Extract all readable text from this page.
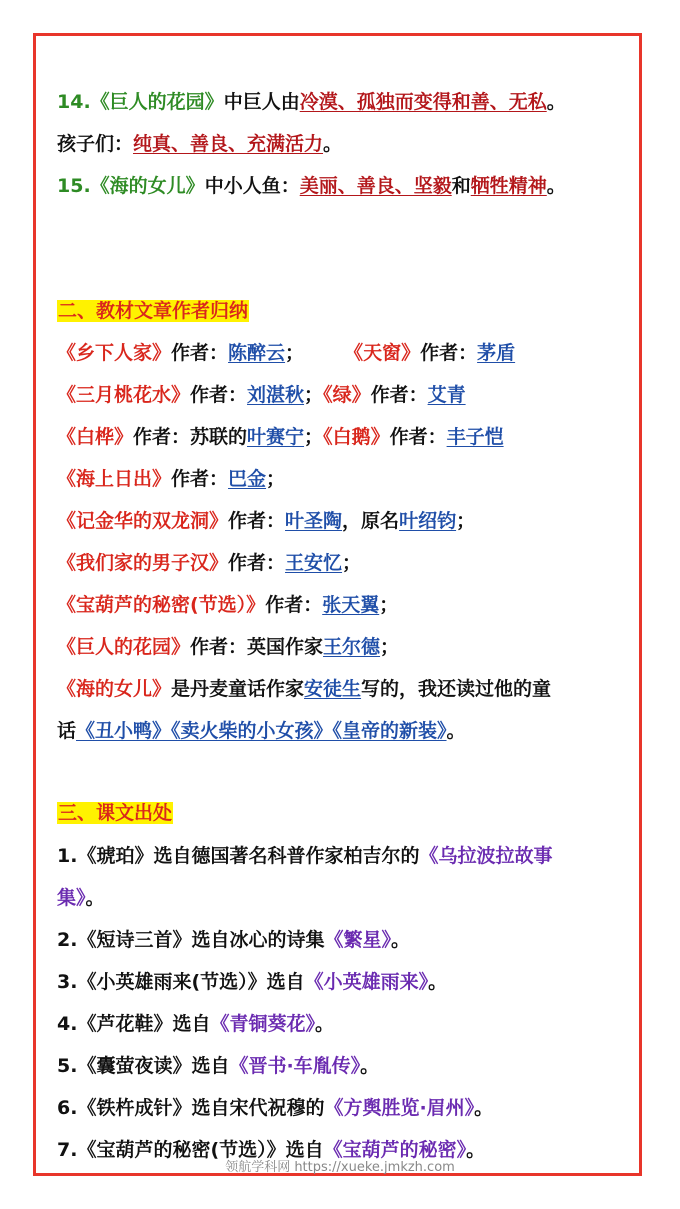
14.《巨人的花园》中巨人由冷漠、孤独而变得和善、无私。
孩子们：纯真、善良、充满活力。
15.《海的女儿》中小人鱼：美丽、善良、坚毅和牺牲精神。
二、教材文章作者归纳
《乡下人家》作者：陈醉云； 《天窗》作者：茅盾
《三月桃花水》作者：刘湛秋；《绿》作者：艾青
《白桦》作者：苏联的叶赛宁；《白鹅》作者：丰子恺
《海上日出》作者：巴金；
《记金华的双龙洞》作者：叶圣陶，原名叶绍钧；
《我们家的男子汉》作者：王安忆；
《宝葫芦的秘密(节选）》作者：张天翼；
《巨人的花园》作者：英国作家王尔德；
《海的女儿》是丹麦童话作家安徒生写的，我还读过他的童
话《丑小鸭》《卖火柴的小女孩》《皇帝的新装》。
三、课文出处
1.《琥珀》选自德国著名科普作家柏吉尔的《乌拉波拉故事
集》。
2.《短诗三首》选自冰心的诗集《繁星》。
3.《小英雄雨来(节选）》选自《小英雄雨来》。
4.《芦花鞋》选自《青铜葵花》。
5.《囊萤夜读》选自《晋书·车胤传》。
6.《铁杵成针》选自宋代祝穆的《方舆胜览·眉州》。
7.《宝葫芦的秘密(节选）》选自《宝葫芦的秘密》。
领航学科网 https://xueke.jmkzh.com
